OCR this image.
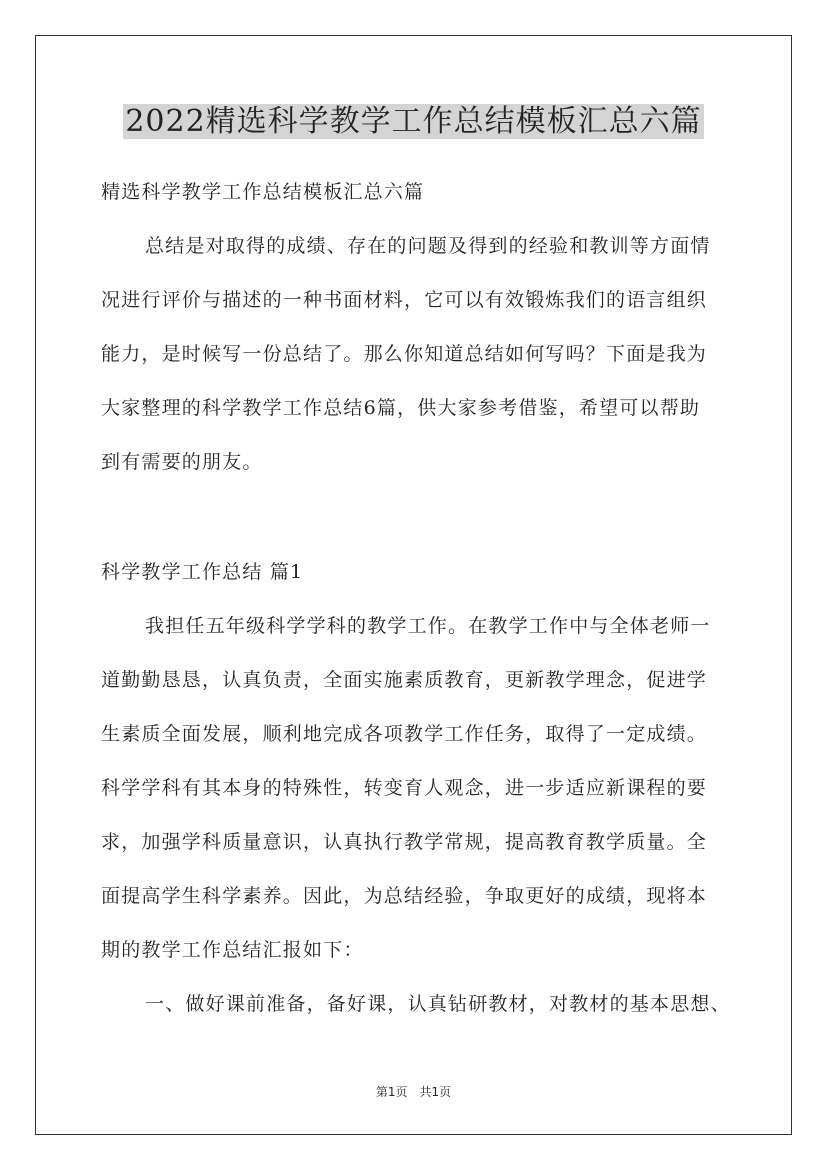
2022精选科学教学工作总结模板汇总六篇

精选科学教学工作总结模板汇总六篇

总结是对取得的成绩、存在的问题及得到的经验和教训等方面情

况进行评价与描述的一种书面材料，它可以有效锻炼我们的语言组织

能力，是时候写一份总结了。那么你知道总结如何写吗？下面是我为

大家整理的科学教学工作总结6篇，供大家参考借鉴，希望可以帮助

到有需要的朋友。

科学教学工作总结 篇1

我担任五年级科学学科的教学工作。在教学工作中与全体老师一

道勤勤恳恳，认真负责，全面实施素质教育，更新教学理念，促进学

生素质全面发展，顺利地完成各项教学工作任务，取得了一定成绩。

科学学科有其本身的特殊性，转变育人观念，进一步适应新课程的要

求，加强学科质量意识，认真执行教学常规，提高教育教学质量。全

面提高学生科学素养。因此，为总结经验，争取更好的成绩，现将本

期的教学工作总结汇报如下：

一、做好课前准备，备好课，认真钻研教材，对教材的基本思想、

第1页　共1页
